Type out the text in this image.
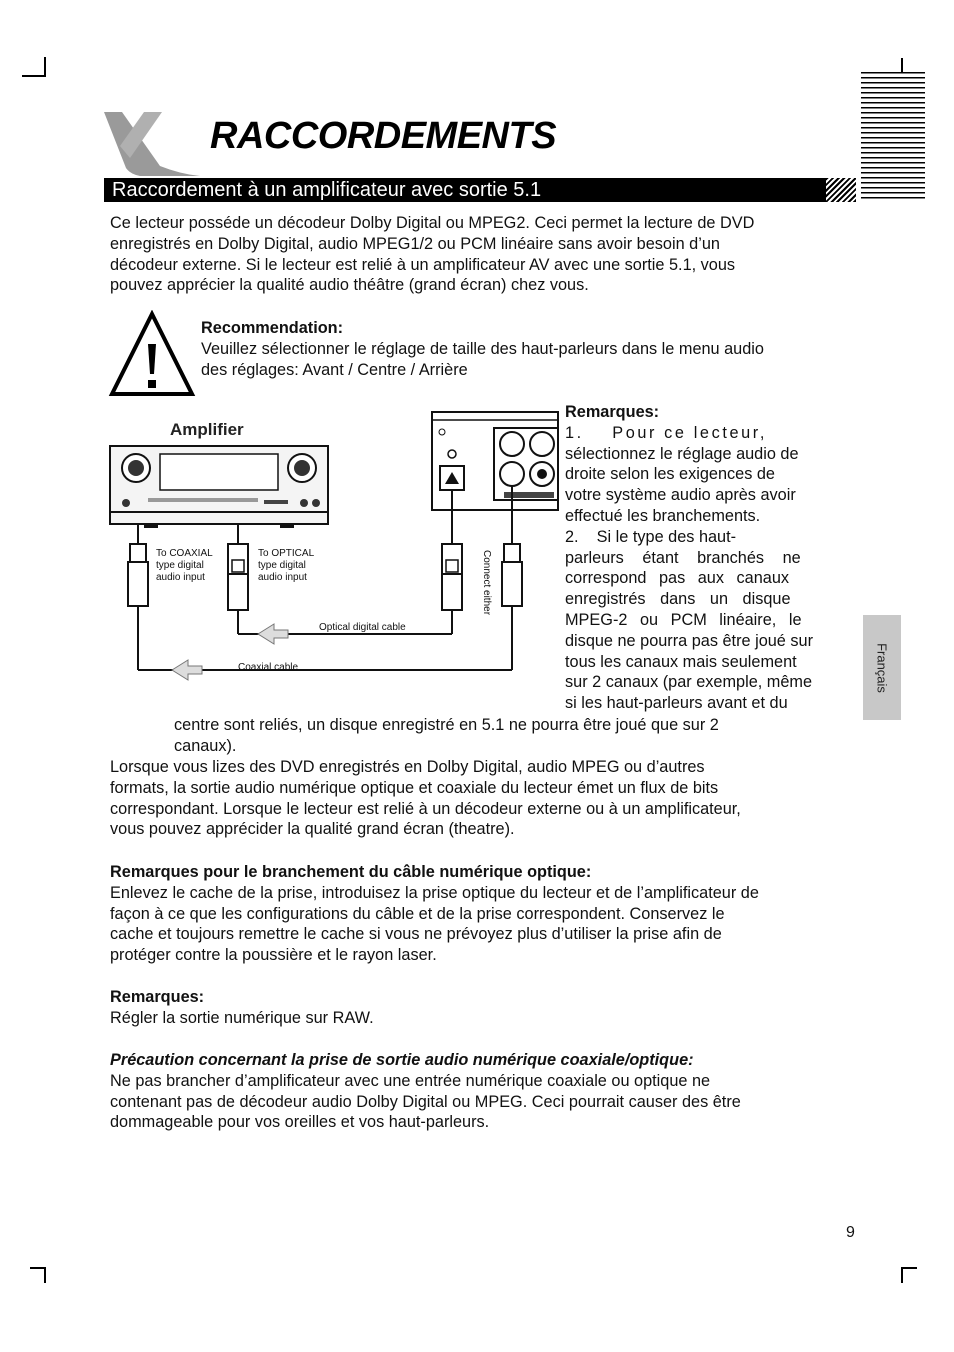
RACCORDEMENTS
Raccordement à un amplificateur avec sortie 5.1
Ce lecteur posséde un décodeur Dolby Digital ou MPEG2. Ceci permet la lecture de DVD
enregistrés en Dolby Digital, audio MPEG1/2 ou PCM linéaire sans avoir besoin d’un
décodeur externe. Si le lecteur est relié à un amplificateur AV avec une sortie 5.1, vous
pouvez apprécier la qualité audio théâtre (grand écran) chez vous.
Recommendation:
Veuillez sélectionner le réglage de taille des haut-parleurs dans le menu audio
des réglages: Avant / Centre / Arrière
Amplifier
To COAXIAL
type digital
audio input
To OPTICAL
type digital
audio input
Optical digital cable
Coaxial cable
Connect either
Remarques:
1.    Pour ce lecteur,
sélectionnez le réglage audio de
droite selon les exigences de
votre système audio après avoir
effectué les branchements.
2.    Si le type des haut-
parleurs étant branchés ne
correspond pas aux canaux
enregistrés dans un disque
MPEG-2 ou PCM linéaire, le
disque ne pourra pas être joué sur
tous les canaux mais seulement
sur 2 canaux (par exemple, même
si les haut-parleurs avant et du
centre sont reliés, un disque enregistré en 5.1 ne pourra être joué que sur 2
canaux).
Lorsque vous lizes des DVD enregistrés en Dolby Digital, audio MPEG ou d’autres
formats, la sortie audio numérique optique et coaxiale du lecteur émet un flux de bits
correspondant. Lorsque le lecteur est relié à un décodeur externe ou à un amplificateur,
vous pouvez apprécider la qualité grand écran (theatre).
Remarques pour le branchement du câble numérique optique:
Enlevez le cache de la prise, introduisez la prise optique du lecteur et de l’amplificateur de
façon à ce que les configurations du câble et de la prise correspondent. Conservez le
cache et toujours remettre le cache si vous ne prévoyez plus d’utiliser la prise afin de
protéger contre la poussière et le rayon laser.
Remarques:
Régler la sortie numérique sur RAW.
Précaution concernant la prise de sortie audio numérique coaxiale/optique:
Ne pas brancher d’amplificateur avec une entrée numérique coaxiale ou optique ne
contenant pas de décodeur audio Dolby Digital ou MPEG. Ceci pourrait causer des être
dommageable pour vos oreilles et vos haut-parleurs.
Français
9
